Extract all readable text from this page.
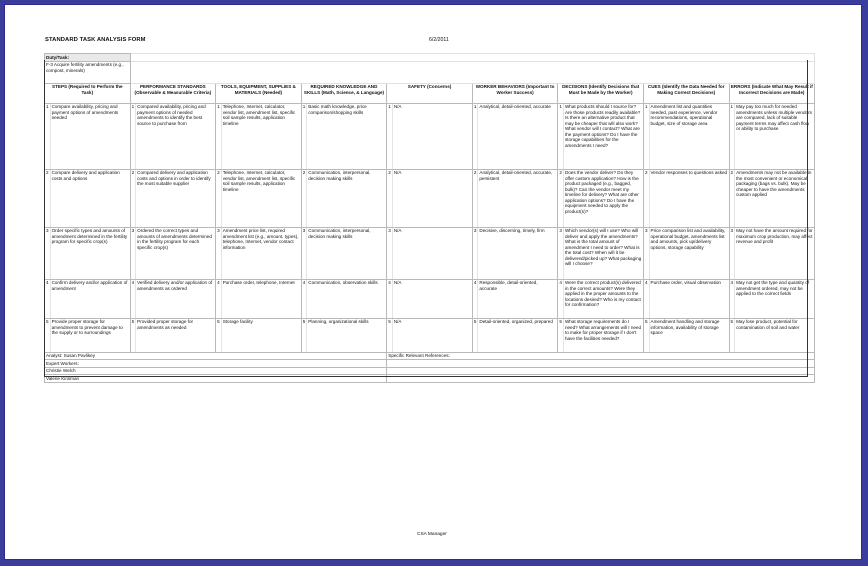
STANDARD TASK ANALYSIS FORM	6/2/2011
CSA Manager
Duty/Task:																	
F-3 Acquire fertility amendments (e.g., compost, minerals)																	
STEPS (Required to Perform the Task)		PERFORMANCE STANDARDS (Observable & Measurable Criteria)		TOOLS, EQUIPMENT, SUPPLIES & MATERIALS (Needed)		REQUIRED KNOWLEDGE AND SKILLS (Math, Science, & Language)		SAFETY (Concerns)		WORKER BEHAVIORS (Important to Worker Success)		DECISIONS (Identify Decisions that Must be Made by the Worker)		CUES (Identify the Data Needed for Making Correct Decisions)		ERRORS (Indicate What May Result if Incorrect Decisions are Made)	
1	Compare availability, pricing and payment options of amendments needed	1	Compared availability, pricing and payment options of needed amendments to identify the best source to purchase from	1	Telephone, Internet, calculator, vendor list, amendment list, specific soil sample results, application timeline	1	Basic math knowledge, price comparison/shopping skills	1	N/A	1	Analytical, detail-oriented, accurate	1	What products should I source for? Are those products readily available? Is there an alternative product that may be cheaper that will also work? What vendor will I contact? What are the payment options? Do I have the storage capabilities for the amendments I need?	1	Amendment list and quantities needed, past experience, vendor recommendations, operational budget, size of storage area	1	May pay too much for needed amendments unless multiple vendors are compared, lack of suitable payment terms may affect cash flow or ability to purchase
2	Compare delivery and application costs and options	2	Compared delivery and application costs and options in order to identify the most suitable supplier	2	Telephone, Internet, calculator, vendor list, amendment list, specific soil sample results, application timeline	2	Communication, interpersonal, decision making skills	2	N/A	2	Analytical, detail-oriented, accurate, persistent	2	Does the vendor deliver? Do they offer custom application? How is the product packaged (e.g., bagged, bulk)? Can the vendor meet my timeline for delivery? What are other application options? Do I have the equipment needed to apply the product(s)?	2	Vendor responses to questions asked	2	Amendments may not be available in the most convenient or economical packaging (bags vs. bulk). May be cheaper to have the amendments custom applied
3	Order specific types and amounts of amendment determined in the fertility program for specific crop(s)	3	Ordered the correct types and amounts of amendments determined in the fertility program for each specific crop(s)	3	Amendment price list, required amendment list (e.g., amount, types), telephone, Internet, vendor contact information	3	Communication, interpersonal, decision making skills	3	N/A	3	Decisive, discerning, timely, firm	3	Which vendor(s) will I use? Who will deliver and apply the amendments? What is the total amount of amendment I need to order? What is the total cost? When will it be delivered/picked up? What packaging will I choose?	3	Price comparison list and availability, operational budget, amendments list and amounts, pick up/delivery options, storage capability	3	May not have the amount required for maximum crop production, may affect revenue and profit
4	Confirm delivery and/or application of amendment	4	Verified delivery and/or application of amendments as ordered	4	Purchase order, telephone, Internet	4	Communication, observation skills	4	N/A	4	Responsible, detail-oriented, accurate	4	Were the correct product(s) delivered in the correct amounts? Were they applied in the proper amounts to the locations desired? Who is my contact for confirmation?	4	Purchase order, visual observation	4	May not get the type and quantity of amendment ordered, may not be applied to the correct fields
5	Provide proper storage for amendments to prevent damage to the supply or to surroundings	5	Provided proper storage for amendments as needed	5	Storage facility	5	Planning, organizational skills	5	N/A	5	Detail-oriented, organized, prepared	5	What storage requirements do I need? What arrangements will I need to make for proper storage if I don't have the facilities needed?	5	Amendment handling and storage information, availability of storage space	5	May lose product, potential for contamination of soil and water
Analyst: Susan Pavlikey								Specific Relevant References:									
Expert Workers:																	
Christie Welch																	
Valerie Kinsman																	
